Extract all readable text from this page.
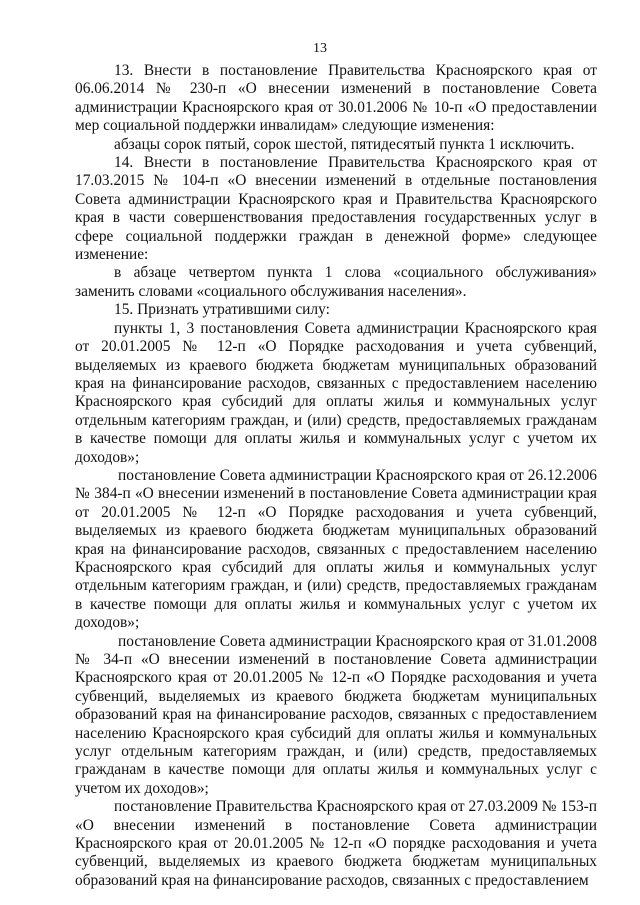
13

13. Внести в постановление Правительства Красноярского края от 06.06.2014 № 230-п «О внесении изменений в постановление Совета администрации Красноярского края от 30.01.2006 № 10-п «О предоставлении мер социальной поддержки инвалидам» следующие изменения:

абзацы сорок пятый, сорок шестой, пятидесятый пункта 1 исключить.

14. Внести в постановление Правительства Красноярского края от 17.03.2015 № 104-п «О внесении изменений в отдельные постановления Совета администрации Красноярского края и Правительства Красноярского края в части совершенствования предоставления государственных услуг в сфере социальной поддержки граждан в денежной форме» следующее изменение:

в абзаце четвертом пункта 1 слова «социального обслуживания» заменить словами «социального обслуживания населения».

15. Признать утратившими силу:

пункты 1, 3 постановления Совета администрации Красноярского края от 20.01.2005 № 12-п «О Порядке расходования и учета субвенций, выделяемых из краевого бюджета бюджетам муниципальных образований края на финансирование расходов, связанных с предоставлением населению Красноярского края субсидий для оплаты жилья и коммунальных услуг отдельным категориям граждан, и (или) средств, предоставляемых гражданам в качестве помощи для оплаты жилья и коммунальных услуг с учетом их доходов»;

постановление Совета администрации Красноярского края от 26.12.2006 № 384-п «О внесении изменений в постановление Совета администрации края от 20.01.2005 № 12-п «О Порядке расходования и учета субвенций, выделяемых из краевого бюджета бюджетам муниципальных образований края на финансирование расходов, связанных с предоставлением населению Красноярского края субсидий для оплаты жилья и коммунальных услуг отдельным категориям граждан, и (или) средств, предоставляемых гражданам в качестве помощи для оплаты жилья и коммунальных услуг с учетом их доходов»;

постановление Совета администрации Красноярского края от 31.01.2008 № 34-п «О внесении изменений в постановление Совета администрации Красноярского края от 20.01.2005 № 12-п «О Порядке расходования и учета субвенций, выделяемых из краевого бюджета бюджетам муниципальных образований края на финансирование расходов, связанных с предоставлением населению Красноярского края субсидий для оплаты жилья и коммунальных услуг отдельным категориям граждан, и (или) средств, предоставляемых гражданам в качестве помощи для оплаты жилья и коммунальных услуг с учетом их доходов»;

постановление Правительства Красноярского края от 27.03.2009 № 153-п «О внесении изменений в постановление Совета администрации Красноярского края от 20.01.2005 № 12-п «О порядке расходования и учета субвенций, выделяемых из краевого бюджета бюджетам муниципальных образований края на финансирование расходов, связанных с предоставлением
